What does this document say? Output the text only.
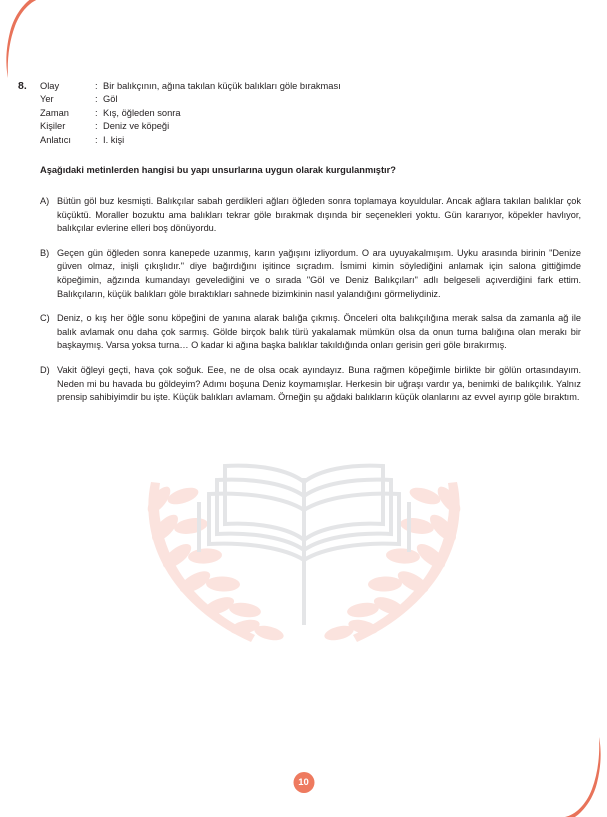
8.	Olay	: Bir balıkçının, ağına takılan küçük balıkları göle bırakması
Yer	: Göl
Zaman	: Kış, öğleden sonra
Kişiler	: Deniz ve köpeği
Anlatıcı	: I. kişi

Aşağıdaki metinlerden hangisi bu yapı unsurlarına uygun olarak kurgulanmıştır?

A) Bütün göl buz kesmişti. Balıkçılar sabah gerdikleri ağları öğleden sonra toplamaya koyuldular. Ancak ağlara takılan balıklar çok küçüktü. Moraller bozuktu ama balıkları tekrar göle bırakmak dışında bir seçenekleri yoktu. Gün kararıyor, köpekler havlıyor, balıkçılar evlerine elleri boş dönüyordu.
B) Geçen gün öğleden sonra kanepede uzanmış, karın yağışını izliyordum. O ara uyuyakalmışım. Uyku arasında birinin "Denize güven olmaz, inişli çıkışlıdır." diye bağırdığını işitince sıçradım. İsmimi kimin söylediğini anlamak için salona gittiğimde köpeğimin, ağzında kumandayı gevelediğini ve o sırada "Göl ve Deniz Balıkçıları" adlı belgeseli açıverdiğini fark ettim. Balıkçıların, küçük balıkları göle bıraktıkları sahnede bizimkinin nasıl yalandığını görmeliydiniz.
C) Deniz, o kış her öğle sonu köpeğini de yanına alarak balığa çıkmış. Önceleri olta balıkçılığına merak salsa da zamanla ağ ile balık avlamak onu daha çok sarmış. Gölde birçok balık türü yakalamak mümkün olsa da onun turna balığına olan merakı bir başkaymış. Varsa yoksa turna… O kadar ki ağına başka balıklar takıldığında onları gerisin geri göle bırakırmış.
D) Vakit öğleyi geçti, hava çok soğuk. Eee, ne de olsa ocak ayındayız. Buna rağmen köpeğimle birlikte bir gölün ortasındayım. Neden mi bu havada bu göldeyim? Adımı boşuna Deniz koymamışlar. Herkesin bir uğraşı vardır ya, benimki de balıkçılık. Yalnız prensip sahibiyimdir bu işte. Küçük balıkları avlamam. Örneğin şu ağdaki balıkların küçük olanlarını az evvel ayırıp göle bıraktım.
10
